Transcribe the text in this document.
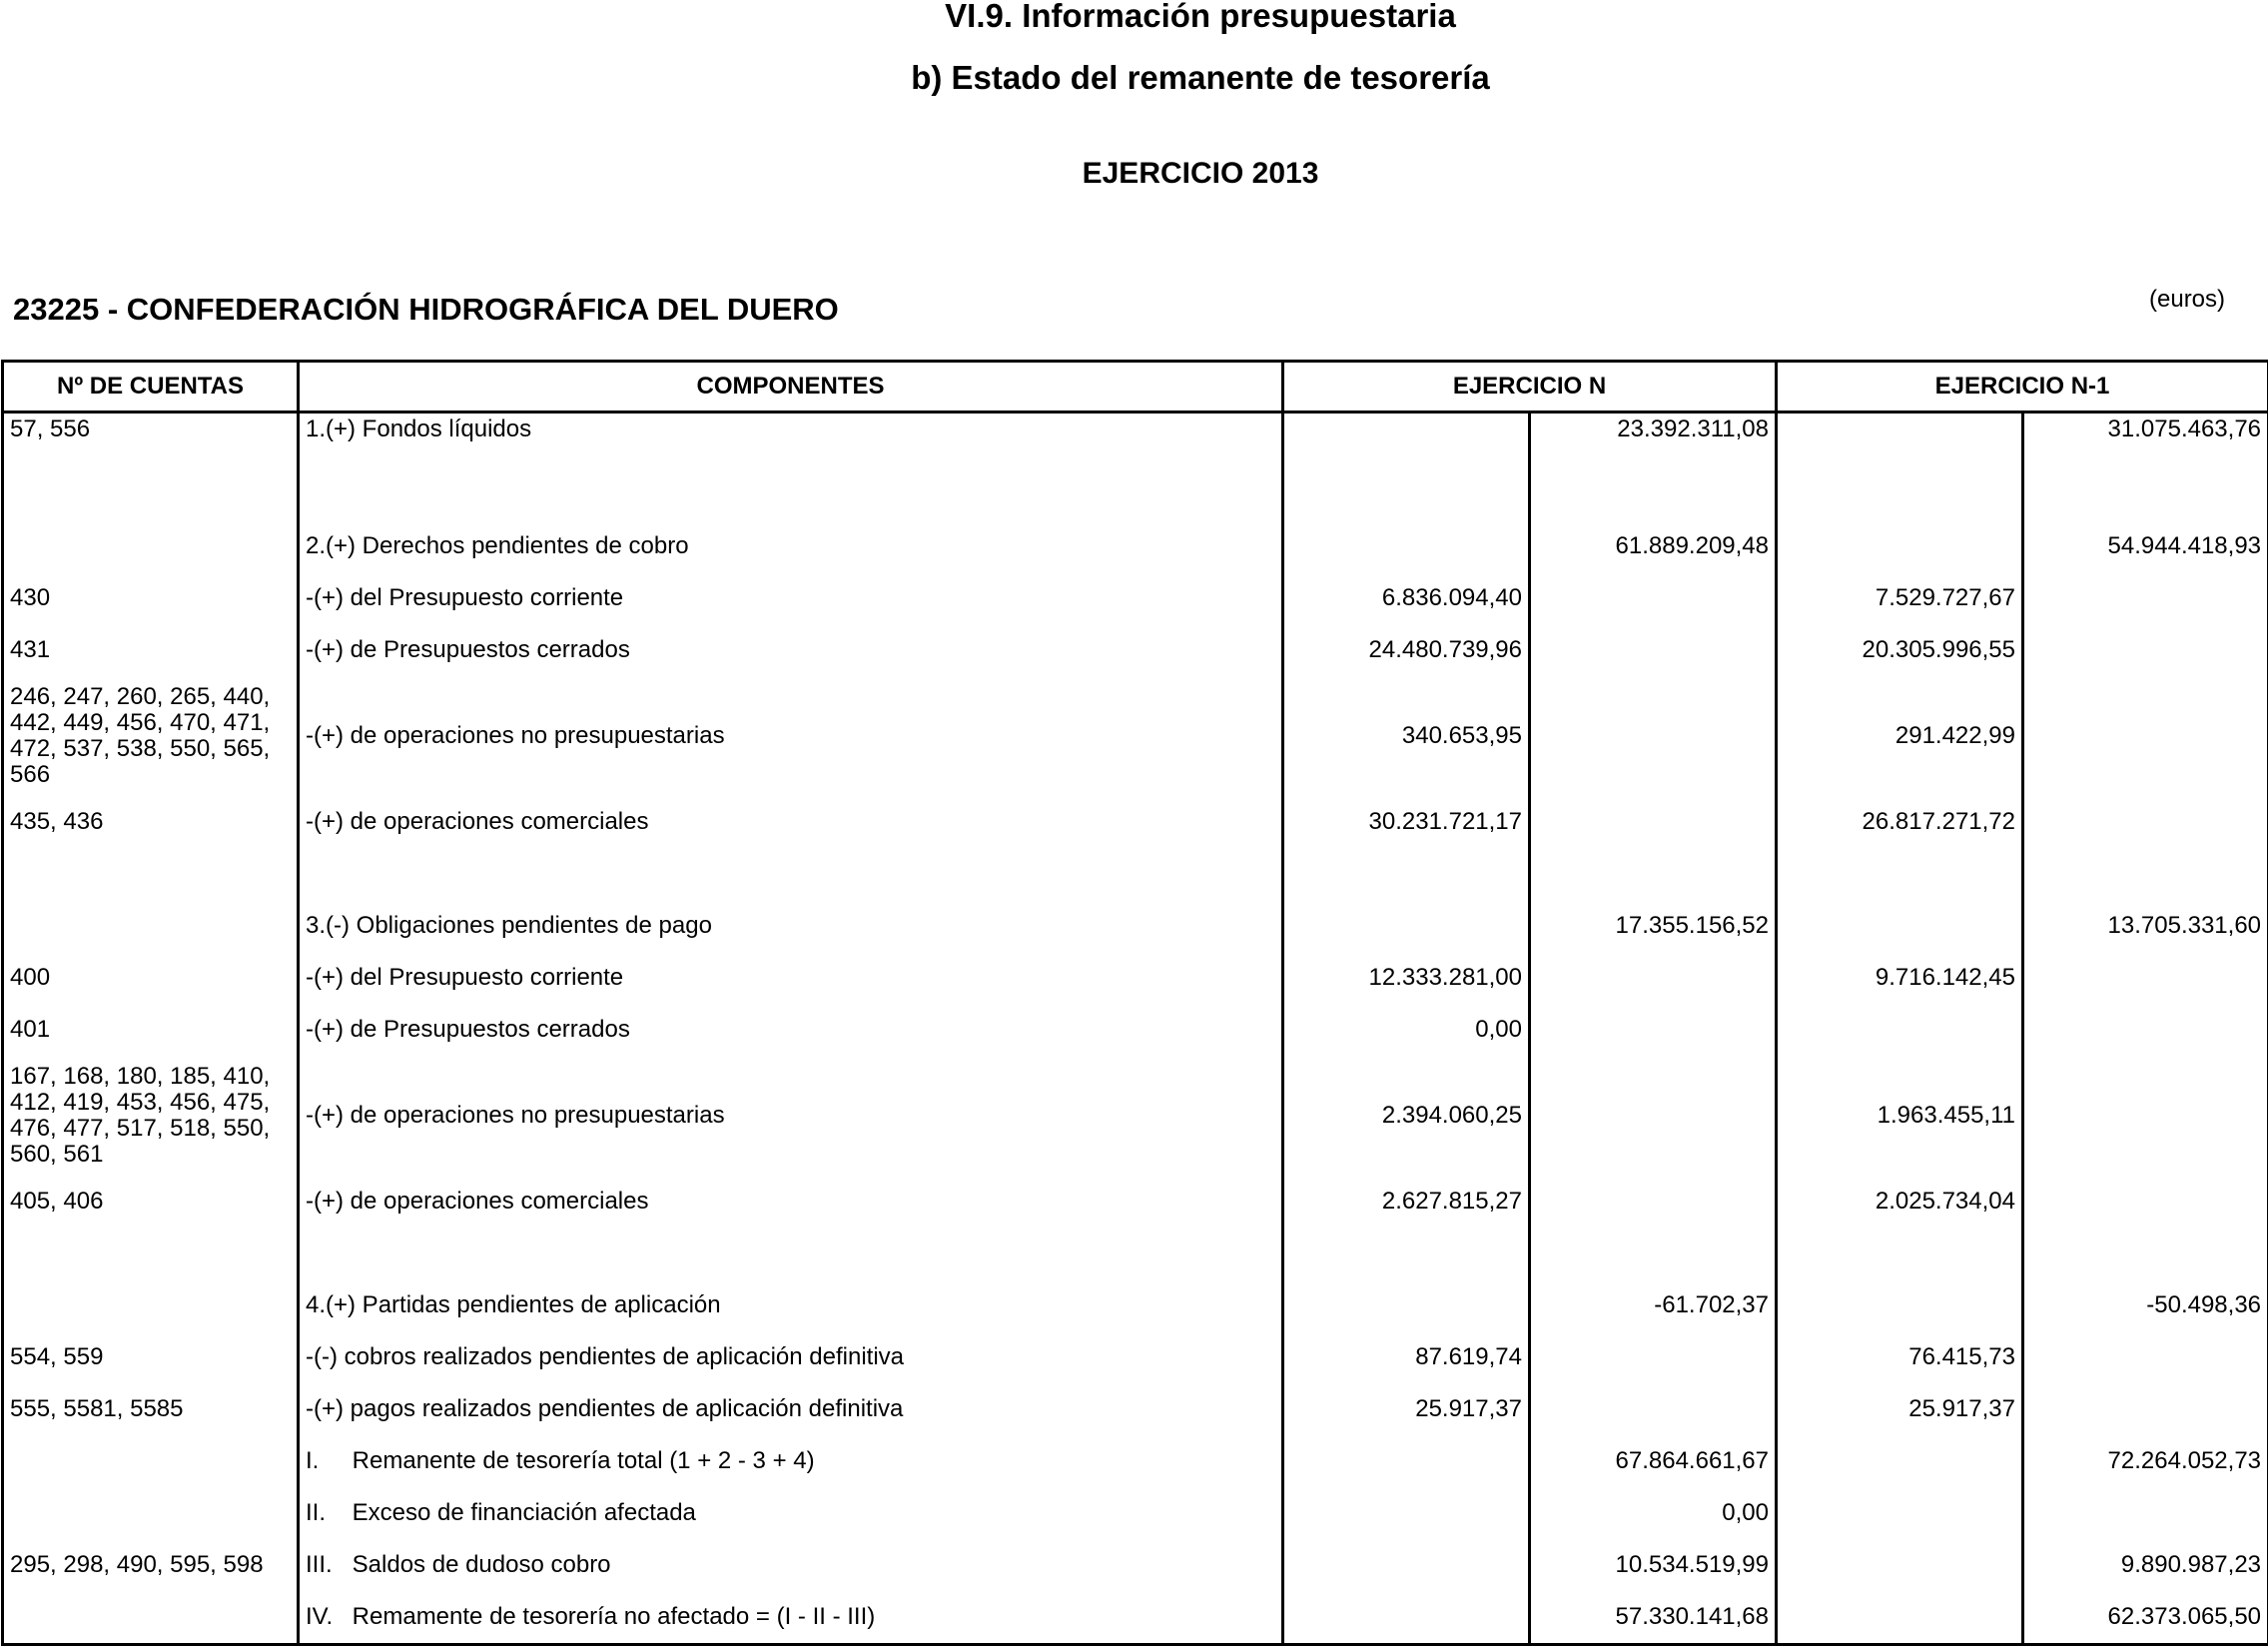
VI.9. Información presupuestaria
b) Estado del remanente de tesorería
EJERCICIO 2013
23225 - CONFEDERACIÓN HIDROGRÁFICA DEL DUERO	(euros)
Nº DE CUENTAS	COMPONENTES	EJERCICIO N		EJERCICIO N-1	
57, 556	1.(+) Fondos líquidos		23.392.311,08		31.075.463,76

	2.(+) Derechos pendientes de cobro		61.889.209,48		54.944.418,93
430	-(+) del Presupuesto corriente	6.836.094,40		7.529.727,67	
431	-(+) de Presupuestos cerrados	24.480.739,96		20.305.996,55	
246, 247, 260, 265, 440, 442, 449, 456, 470, 471, 472, 537, 538, 550, 565, 566	-(+) de operaciones no presupuestarias	340.653,95		291.422,99	
435, 436	-(+) de operaciones comerciales	30.231.721,17		26.817.271,72	

	3.(-) Obligaciones pendientes de pago		17.355.156,52		13.705.331,60
400	-(+) del Presupuesto corriente	12.333.281,00		9.716.142,45	
401	-(+) de Presupuestos cerrados	0,00			
167, 168, 180, 185, 410, 412, 419, 453, 456, 475, 476, 477, 517, 518, 550, 560, 561	-(+) de operaciones no presupuestarias	2.394.060,25		1.963.455,11	
405, 406	-(+) de operaciones comerciales	2.627.815,27		2.025.734,04	

	4.(+) Partidas pendientes de aplicación		-61.702,37		-50.498,36
554, 559	-(-) cobros realizados pendientes de aplicación definitiva	87.619,74		76.415,73	
555, 5581, 5585	-(+) pagos realizados pendientes de aplicación definitiva	25.917,37		25.917,37	
	I. Remanente de tesorería total (1 + 2 - 3 + 4)		67.864.661,67		72.264.052,73
	II. Exceso de financiación afectada		0,00		
295, 298, 490, 595, 598	III. Saldos de dudoso cobro		10.534.519,99		9.890.987,23
	IV. Remamente de tesorería no afectado = (I - II - III)		57.330.141,68		62.373.065,50
